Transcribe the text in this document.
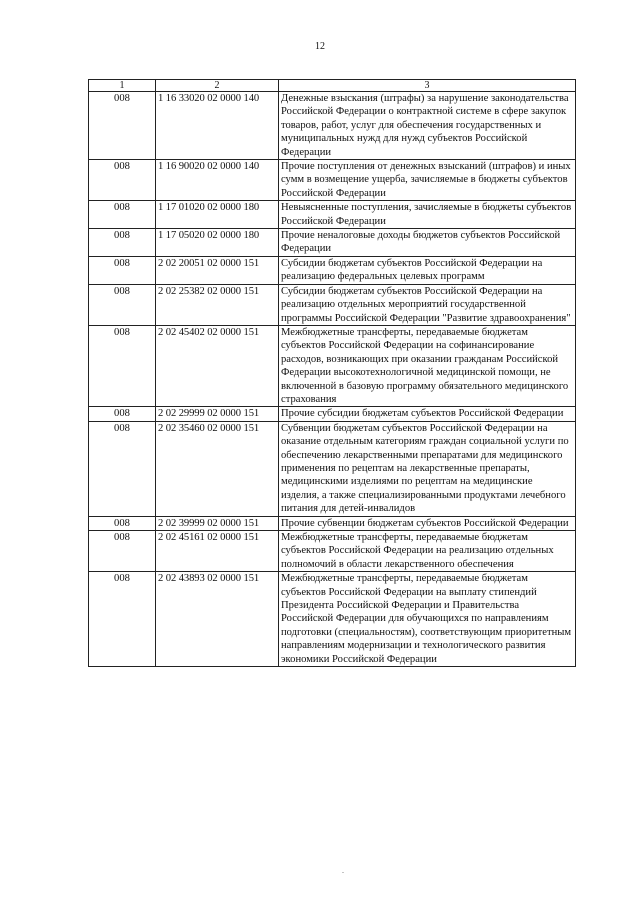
12
1	2	3
008	1 16 33020 02 0000 140	Денежные взыскания (штрафы) за нарушение законодательства Российской Федерации о контрактной системе в сфере закупок товаров, работ, услуг для обеспечения государственных и муниципальных нужд для нужд субъектов Российской Федерации
008	1 16 90020 02 0000 140	Прочие поступления от денежных взысканий (штрафов) и иных сумм в возмещение ущерба, зачисляемые в бюджеты субъектов Российской Федерации
008	1 17 01020 02 0000 180	Невыясненные поступления, зачисляемые в бюджеты субъектов Российской Федерации
008	1 17 05020 02 0000 180	Прочие неналоговые доходы бюджетов субъектов Российской Федерации
008	2 02 20051 02 0000 151	Субсидии бюджетам субъектов Российской Федерации на реализацию федеральных целевых программ
008	2 02 25382 02 0000 151	Субсидии бюджетам субъектов Российской Федерации на реализацию отдельных мероприятий государственной программы Российской Федерации "Развитие здравоохранения"
008	2 02 45402 02 0000 151	Межбюджетные трансферты, передаваемые бюджетам субъектов Российской Федерации на софинансирование расходов, возникающих при оказании гражданам Российской Федерации высокотехнологичной медицинской помощи, не включенной в базовую программу обязательного медицинского страхования
008	2 02 29999 02 0000 151	Прочие субсидии бюджетам субъектов Российской Федерации
008	2 02 35460 02 0000 151	Субвенции бюджетам субъектов Российской Федерации на оказание отдельным категориям граждан социальной услуги по обеспечению лекарственными препаратами для медицинского применения по рецептам на лекарственные препараты, медицинскими изделиями по рецептам на медицинские изделия, а также специализированными продуктами лечебного питания для детей-инвалидов
008	2 02 39999 02 0000 151	Прочие субвенции бюджетам субъектов Российской Федерации
008	2 02 45161 02 0000 151	Межбюджетные трансферты, передаваемые бюджетам субъектов Российской Федерации на реализацию отдельных полномочий в области лекарственного обеспечения
008	2 02 43893 02 0000 151	Межбюджетные трансферты, передаваемые бюджетам субъектов Российской Федерации на выплату стипендий Президента Российской Федерации и Правительства Российской Федерации для обучающихся по направлениям подготовки (специальностям), соответствующим приоритетным направлениям модернизации и технологического развития экономики Российской Федерации
.
